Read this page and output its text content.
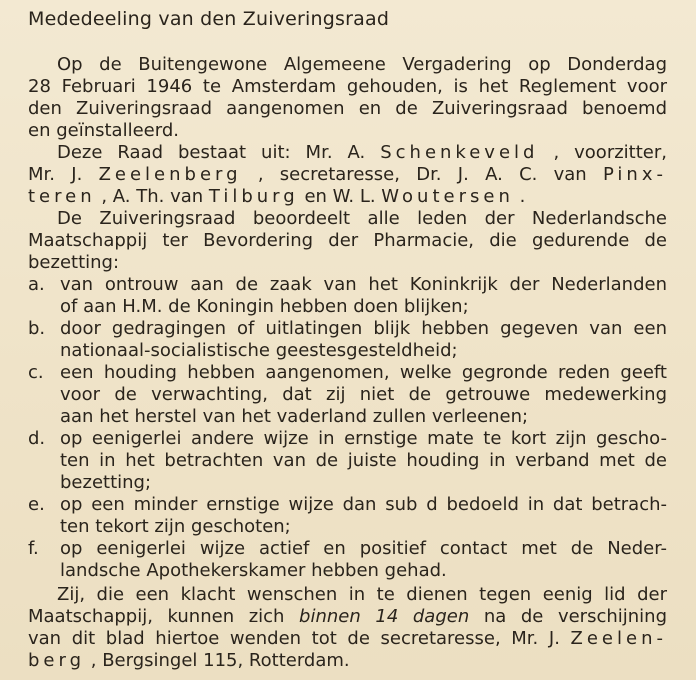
Mededeeling van den Zuiveringsraad
Op de Buitengewone Algemeene Vergadering op Donderdag
28 Februari 1946 te Amsterdam gehouden, is het Reglement voor
den Zuiveringsraad aangenomen en de Zuiveringsraad benoemd
en geïnstalleerd.
Deze Raad bestaat uit: Mr. A. Schenkeveld , voorzitter,
Mr. J. Zeelenberg , secretaresse, Dr. J. A. C. van Pinx-
teren , A. Th. van Tilburg en W. L. Woutersen .
De Zuiveringsraad beoordeelt alle leden der Nederlandsche
Maatschappij ter Bevordering der Pharmacie, die gedurende de
bezetting:
a. van ontrouw aan de zaak van het Koninkrijk der Nederlanden
of aan H.M. de Koningin hebben doen blijken;
b. door gedragingen of uitlatingen blijk hebben gegeven van een
nationaal-socialistische geestesgesteldheid;
c. een houding hebben aangenomen, welke gegronde reden geeft
voor de verwachting, dat zij niet de getrouwe medewerking
aan het herstel van het vaderland zullen verleenen;
d. op eenigerlei andere wijze in ernstige mate te kort zijn gescho-
ten in het betrachten van de juiste houding in verband met de
bezetting;
e. op een minder ernstige wijze dan sub d bedoeld in dat betrach-
ten tekort zijn geschoten;
f. op eenigerlei wijze actief en positief contact met de Neder-
landsche Apothekerskamer hebben gehad.
Zij, die een klacht wenschen in te dienen tegen eenig lid der
Maatschappij, kunnen zich binnen 14 dagen na de verschijning
van dit blad hiertoe wenden tot de secretaresse, Mr. J. Zeelen-
berg , Bergsingel 115, Rotterdam.
